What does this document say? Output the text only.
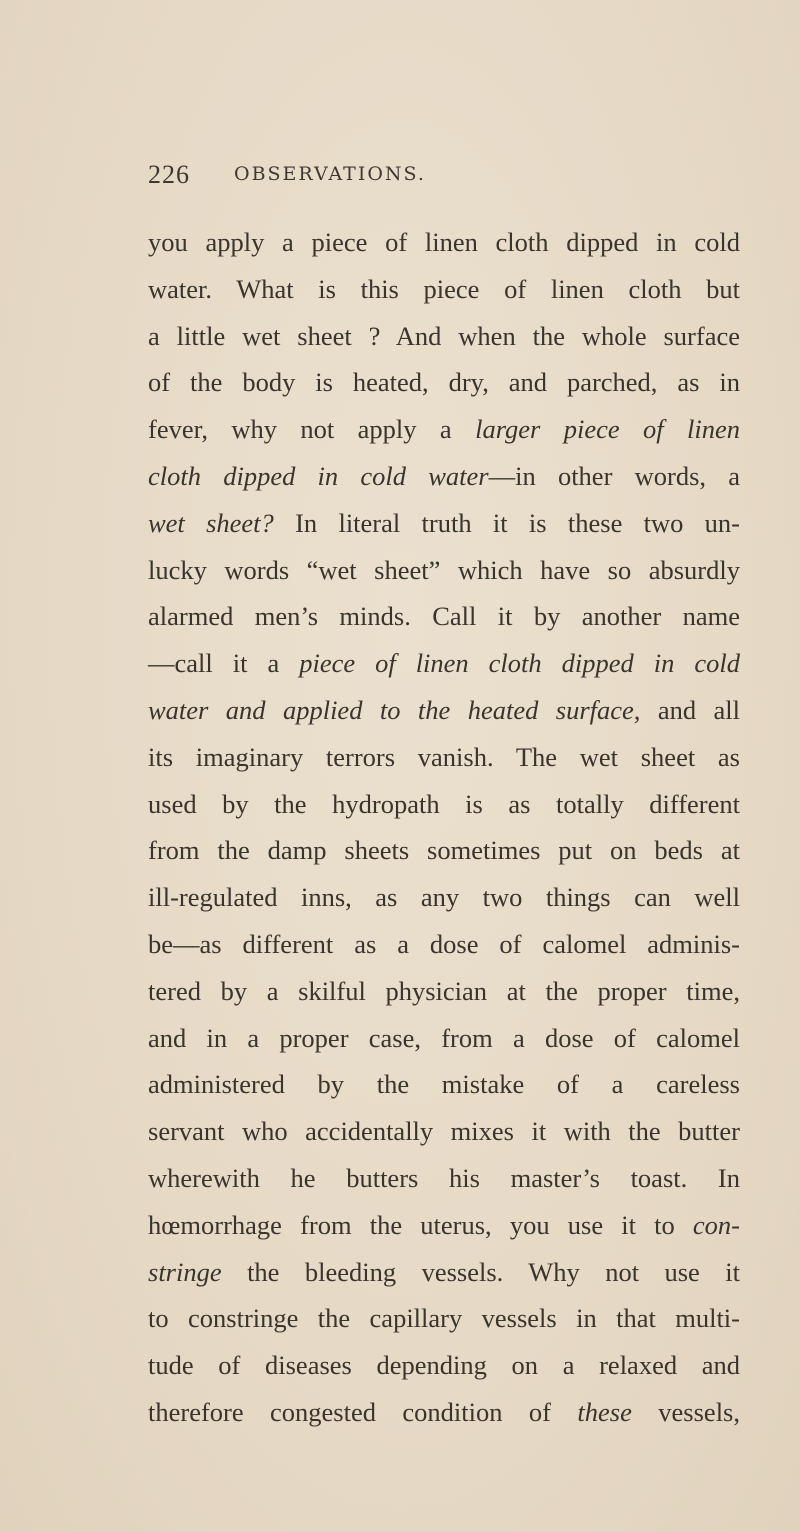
226 OBSERVATIONS.
you apply a piece of linen cloth dipped in cold
water. What is this piece of linen cloth but
a little wet sheet ? And when the whole surface
of the body is heated, dry, and parched, as in
fever, why not apply a larger piece of linen
cloth dipped in cold water—in other words, a
wet sheet? In literal truth it is these two un-
lucky words “wet sheet” which have so absurdly
alarmed men’s minds. Call it by another name
—call it a piece of linen cloth dipped in cold
water and applied to the heated surface, and all
its imaginary terrors vanish. The wet sheet as
used by the hydropath is as totally different
from the damp sheets sometimes put on beds at
ill-regulated inns, as any two things can well
be—as different as a dose of calomel adminis-
tered by a skilful physician at the proper time,
and in a proper case, from a dose of calomel
administered by the mistake of a careless
servant who accidentally mixes it with the butter
wherewith he butters his master’s toast. In
hœmorrhage from the uterus, you use it to con-
stringe the bleeding vessels. Why not use it
to constringe the capillary vessels in that multi-
tude of diseases depending on a relaxed and
therefore congested condition of these vessels,
